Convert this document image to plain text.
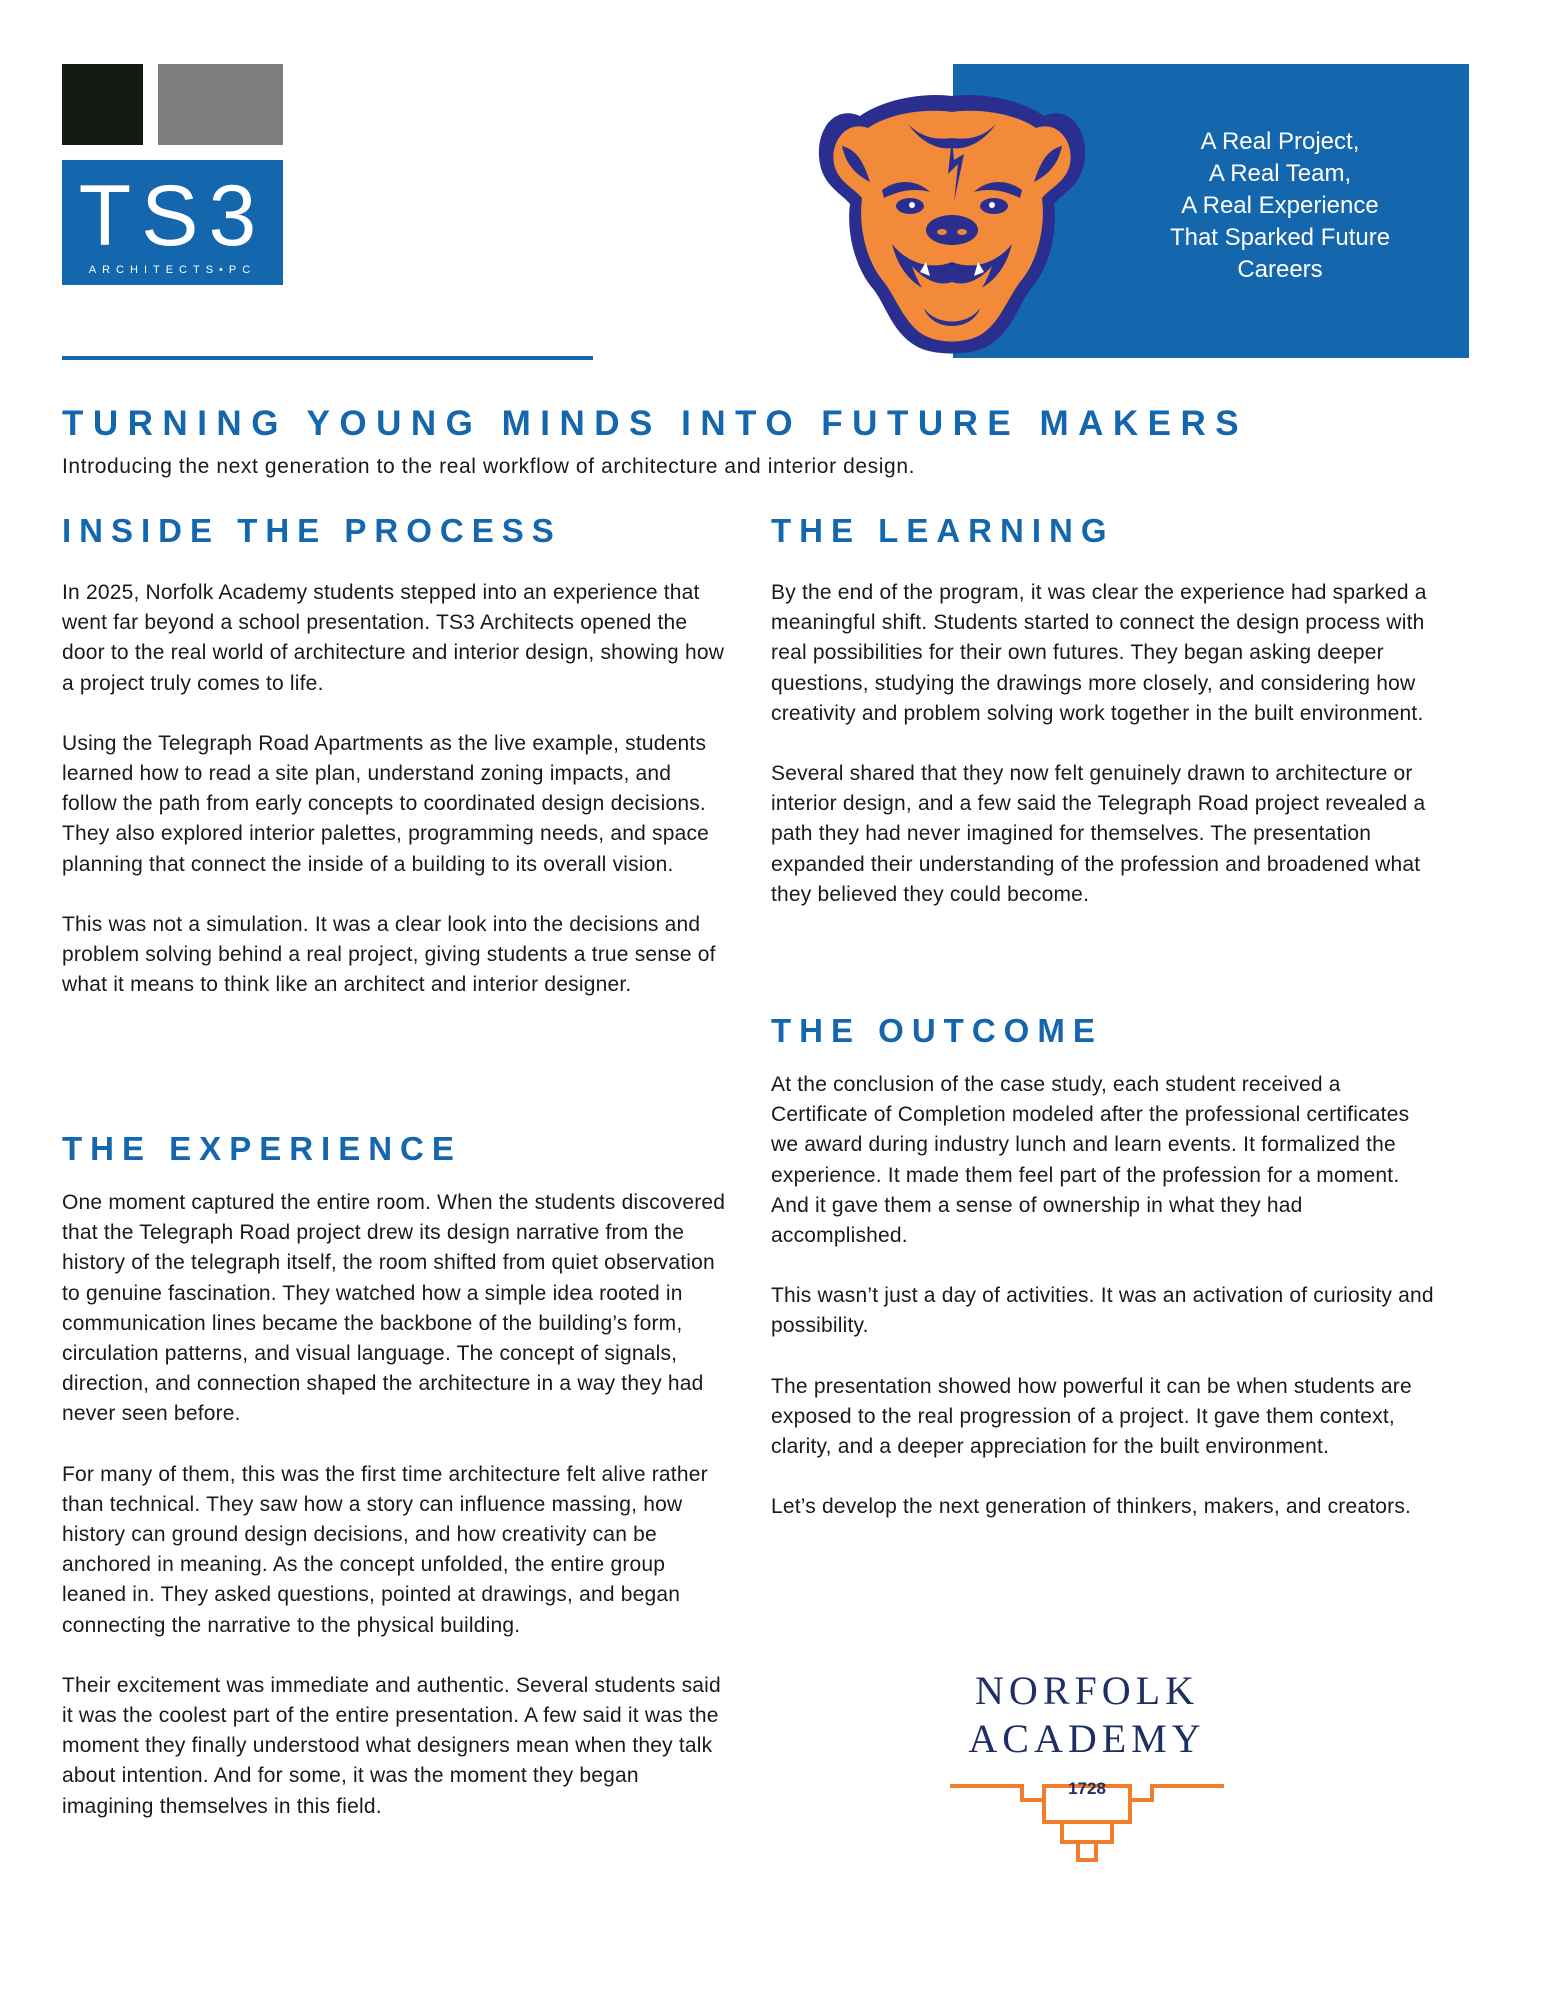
TS3
ARCHITECTS•PC
A Real Project,
A Real Team,
A Real Experience
That Sparked Future
Careers
TURNING YOUNG MINDS INTO FUTURE MAKERS
Introducing the next generation to the real workflow of architecture and interior design.
INSIDE THE PROCESS

In 2025, Norfolk Academy students stepped into an experience that went far beyond a school presentation. TS3 Architects opened the door to the real world of architecture and interior design, showing how a project truly comes to life.

Using the Telegraph Road Apartments as the live example, students learned how to read a site plan, understand zoning impacts, and follow the path from early concepts to coordinated design decisions. They also explored interior palettes, programming needs, and space planning that connect the inside of a building to its overall vision.

This was not a simulation. It was a clear look into the decisions and problem solving behind a real project, giving students a true sense of what it means to think like an architect and interior designer.

THE EXPERIENCE

One moment captured the entire room. When the students discovered that the Telegraph Road project drew its design narrative from the history of the telegraph itself, the room shifted from quiet observation to genuine fascination. They watched how a simple idea rooted in communication lines became the backbone of the building’s form, circulation patterns, and visual language. The concept of signals, direction, and connection shaped the architecture in a way they had never seen before.

For many of them, this was the first time architecture felt alive rather than technical. They saw how a story can influence massing, how history can ground design decisions, and how creativity can be anchored in meaning. As the concept unfolded, the entire group leaned in. They asked questions, pointed at drawings, and began connecting the narrative to the physical building.

Their excitement was immediate and authentic. Several students said it was the coolest part of the entire presentation. A few said it was the moment they finally understood what designers mean when they talk about intention. And for some, it was the moment they began imagining themselves in this field.

THE LEARNING

By the end of the program, it was clear the experience had sparked a meaningful shift. Students started to connect the design process with real possibilities for their own futures. They began asking deeper questions, studying the drawings more closely, and considering how creativity and problem solving work together in the built environment.

Several shared that they now felt genuinely drawn to architecture or interior design, and a few said the Telegraph Road project revealed a path they had never imagined for themselves. The presentation expanded their understanding of the profession and broadened what they believed they could become.

THE OUTCOME

At the conclusion of the case study, each student received a Certificate of Completion modeled after the professional certificates we award during industry lunch and learn events. It formalized the experience. It made them feel part of the profession for a moment. And it gave them a sense of ownership in what they had accomplished.

This wasn’t just a day of activities. It was an activation of curiosity and possibility.

The presentation showed how powerful it can be when students are exposed to the real progression of a project. It gave them context, clarity, and a deeper appreciation for the built environment.

Let’s develop the next generation of thinkers, makers, and creators.

NORFOLK
ACADEMY
1728
